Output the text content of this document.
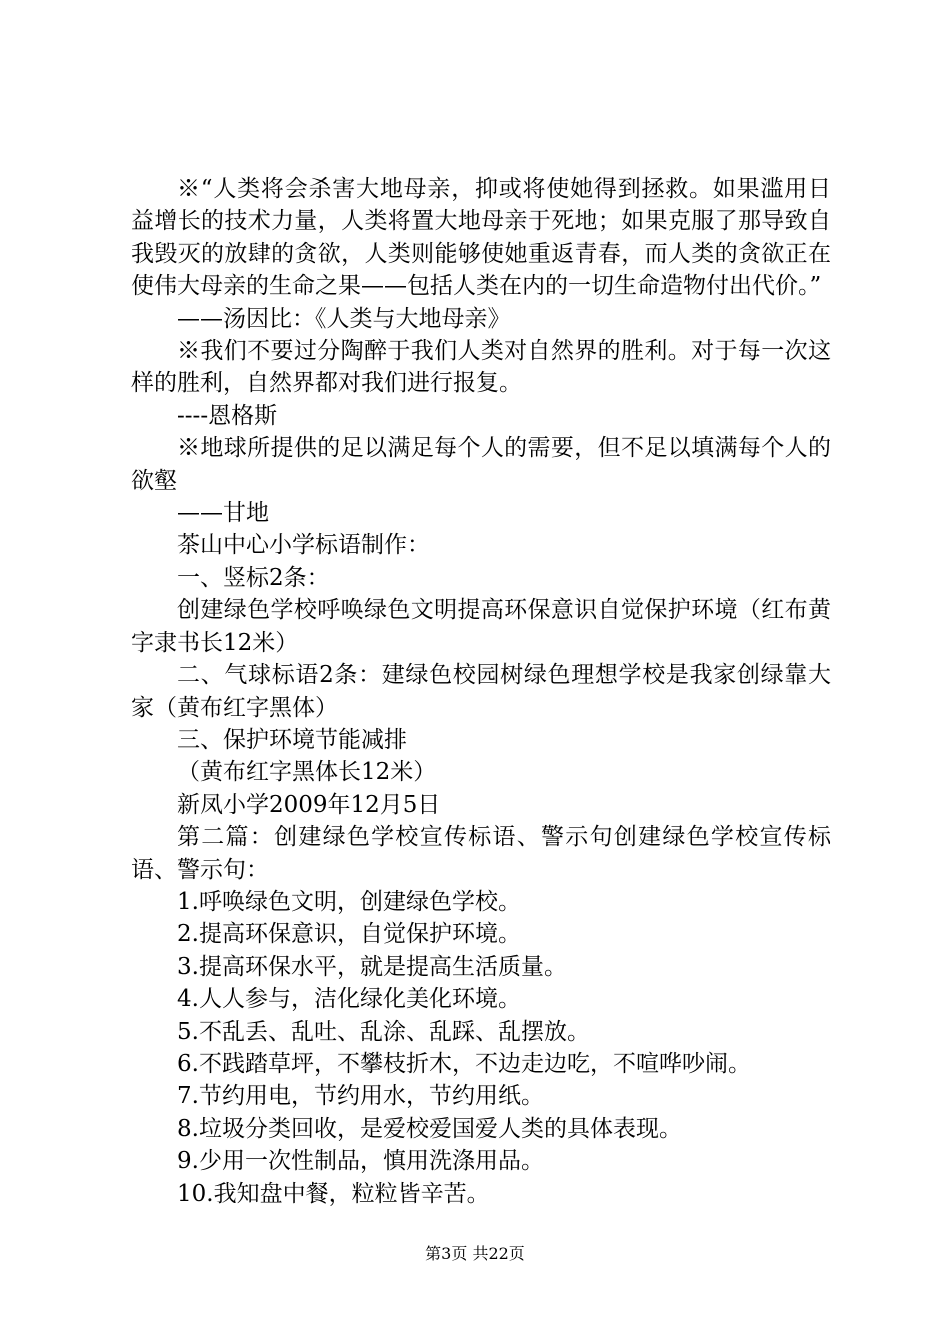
※“人类将会杀害大地母亲，抑或将使她得到拯救。如果滥用日益增长的技术力量，人类将置大地母亲于死地；如果克服了那导致自我毁灭的放肆的贪欲，人类则能够使她重返青春，而人类的贪欲正在使伟大母亲的生命之果——包括人类在内的一切生命造物付出代价。”

——汤因比：《人类与大地母亲》

※我们不要过分陶醉于我们人类对自然界的胜利。对于每一次这样的胜利，自然界都对我们进行报复。

----恩格斯

※地球所提供的足以满足每个人的需要，但不足以填满每个人的欲壑

——甘地

茶山中心小学标语制作：

一、竖标2条：

创建绿色学校呼唤绿色文明提高环保意识自觉保护环境（红布黄字隶书长12米）

二、气球标语2条：建绿色校园树绿色理想学校是我家创绿靠大家（黄布红字黑体）

三、保护环境节能减排

（黄布红字黑体长12米）

新凤小学2009年12月5日

第二篇：创建绿色学校宣传标语、警示句创建绿色学校宣传标语、警示句：

1.呼唤绿色文明，创建绿色学校。

2.提高环保意识，自觉保护环境。

3.提高环保水平，就是提高生活质量。

4.人人参与，洁化绿化美化环境。

5.不乱丢、乱吐、乱涂、乱踩、乱摆放。

6.不践踏草坪，不攀枝折木，不边走边吃，不喧哗吵闹。

7.节约用电，节约用水，节约用纸。

8.垃圾分类回收，是爱校爱国爱人类的具体表现。

9.少用一次性制品，慎用洗涤用品。

10.我知盘中餐，粒粒皆辛苦。

第3页 共22页
